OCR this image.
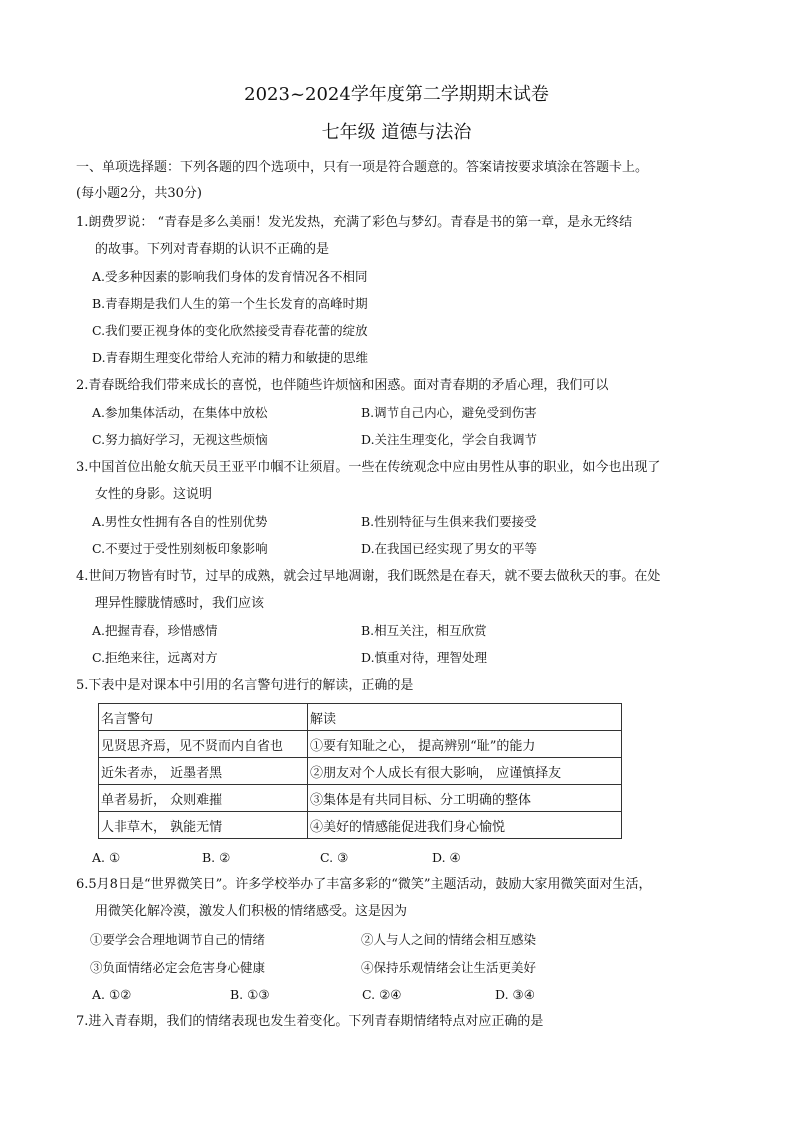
2023~2024学年度第二学期期末试卷
七年级 道德与法治
一、单项选择题：下列各题的四个选项中，只有一项是符合题意的。答案请按要求填涂在答题卡上。
(每小题2分，共30分)
1.朗费罗说： “青春是多么美丽！发光发热，充满了彩色与梦幻。青春是书的第一章，是永无终结
的故事。下列对青春期的认识不正确的是
A.受多种因素的影响我们身体的发育情况各不相同
B.青春期是我们人生的第一个生长发育的高峰时期
C.我们要正视身体的变化欣然接受青春花蕾的绽放
D.青春期生理变化带给人充沛的精力和敏捷的思维
2.青春既给我们带来成长的喜悦，也伴随些许烦恼和困惑。面对青春期的矛盾心理，我们可以
A.参加集体活动，在集体中放松	B.调节自己内心，避免受到伤害
C.努力搞好学习，无视这些烦恼	D.关注生理变化，学会自我调节
3.中国首位出舱女航天员王亚平巾帼不让须眉。一些在传统观念中应由男性从事的职业，如今也出现了
女性的身影。这说明
A.男性女性拥有各自的性别优势	B.性别特征与生俱来我们要接受
C.不要过于受性别刻板印象影响	D.在我国已经实现了男女的平等
4.世间万物皆有时节，过早的成熟，就会过早地凋谢，我们既然是在春天，就不要去做秋天的事。在处
理异性朦胧情感时，我们应该
A.把握青春，珍惜感情	B.相互关注，相互欣赏
C.拒绝来往，远离对方	D.慎重对待，理智处理
5.下表中是对课本中引用的名言警句进行的解读，正确的是
名言警句	解读
见贤思齐焉，见不贤而内自省也	①要有知耻之心， 提高辨别“耻”的能力
近朱者赤， 近墨者黑	②朋友对个人成长有很大影响， 应谨慎择友
单者易折， 众则难摧	③集体是有共同目标、分工明确的整体
人非草木， 孰能无情	④美好的情感能促进我们身心愉悦
A. ①	B. ②	C. ③	D. ④
6.5月8日是“世界微笑日”。许多学校举办了丰富多彩的“微笑”主题活动，鼓励大家用微笑面对生活，
用微笑化解冷漠，激发人们积极的情绪感受。这是因为
①要学会合理地调节自己的情绪	②人与人之间的情绪会相互感染
③负面情绪必定会危害身心健康	④保持乐观情绪会让生活更美好
A. ①②	B. ①③	C. ②④	D. ③④
7.进入青春期，我们的情绪表现也发生着变化。下列青春期情绪特点对应正确的是
